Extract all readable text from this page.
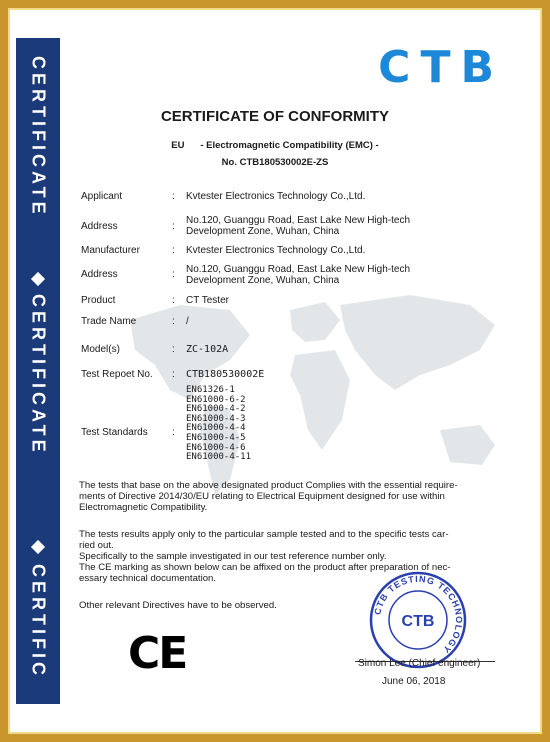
CERTIFICATE
CERTIFICATE
CERTIFIC
CTB
CERTIFICATE OF CONFORMITY
EU - Electromagnetic Compatibility (EMC) -
No. CTB180530002E-ZS
Applicant	: Kvtester Electronics Technology Co.,Ltd.
Address	:
No.120, Guanggu Road, East Lake New High-tech
Development Zone, Wuhan, China
Manufacturer	: Kvtester Electronics Technology Co.,Ltd.
Address	: No.120, Guanggu Road, East Lake New High-tech
Development Zone, Wuhan, China
Product	: CT Tester
Trade Name	: /
Model(s)	: ZC-102A
Test Repoet No. : CTB180530002E
Test Standards :
EN61326-1
EN61000-6-2
EN61000-4-2
EN61000-4-3
EN61000-4-4
EN61000-4-5
EN61000-4-6
EN61000-4-11
The tests that base on the above designated product Complies with the essential require-
ments of Directive 2014/30/EU relating to Electrical Equipment designed for use within
Electromagnetic Compatibility.
The tests results apply only to the particular sample tested and to the specific tests car-
ried out.
Specifically to the sample investigated in our test reference number only.
The CE marking as shown below can be affixed on the product after preparation of nec-
essary technical documentation.
Other relevant Directives have to be observed.
CE
CTB TESTING TECHNOLOGY
CTB
Simon Lee (Chief engineer)
June 06, 2018
